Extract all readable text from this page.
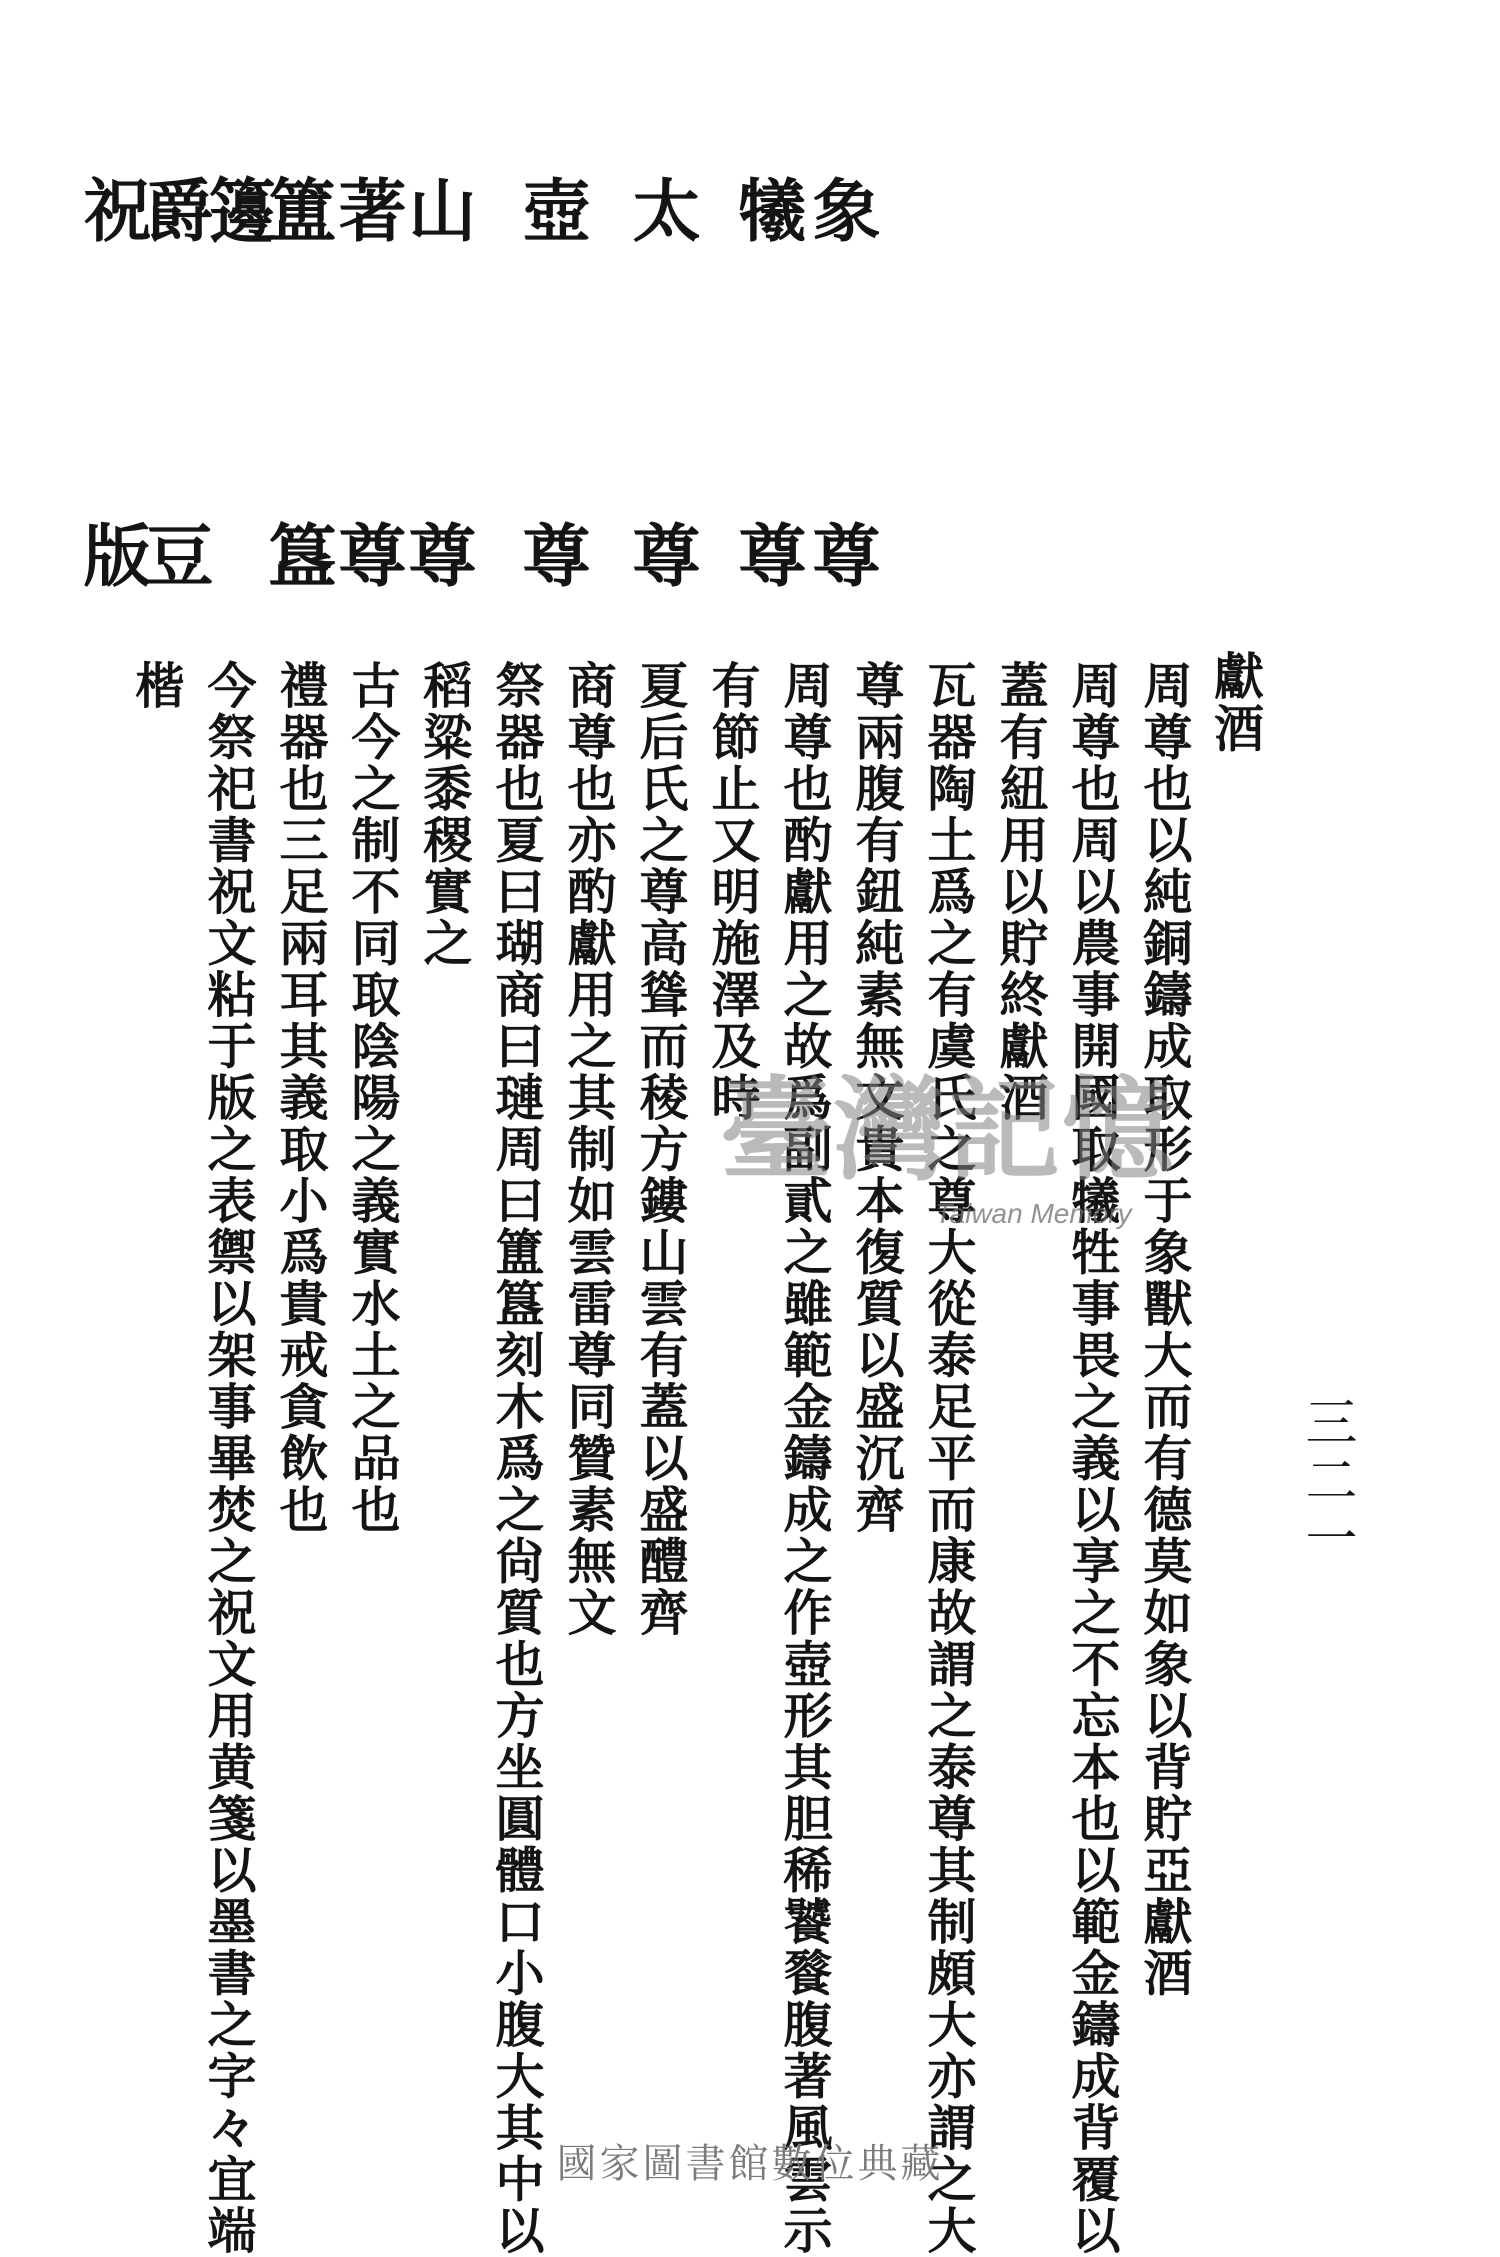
象
犧
太
壺
山
著
簠
籩
爵
祝
尊
尊
尊
尊
尊
尊
簋
豆
版
三二一
獻酒
周尊也以純銅鑄成取形于象獸大而有德莫如象以背貯亞獻酒
周尊也周以農事開國取犧牲事畏之義以享之不忘本也以範金鑄成背覆以
蓋有紐用以貯終獻酒
瓦器陶土爲之有虞氏之尊大從泰足平而康故謂之泰尊其制頗大亦謂之大
尊兩腹有鈕純素無文貴本復質以盛沉齊
周尊也酌獻用之故爲副貳之雖範金鑄成之作壺形其胆稀饕餮腹著風雲示
有節止又明施澤及時
夏后氏之尊高聳而稜方鏤山雲有蓋以盛醴齊
商尊也亦酌獻用之其制如雲雷尊同贊素無文
祭器也夏曰瑚商曰璉周曰簠簋刻木爲之尙質也方坐圓體口小腹大其中以
稻粱黍稷實之
古今之制不同取陰陽之義實水土之品也
禮器也三足兩耳其義取小爲貴戒貪飲也
今祭祀書祝文粘于版之表禦以架事畢焚之祝文用黄箋以墨書之字々宜端
楷
臺灣記憶
Taiwan Memory
國家圖書館數位典藏
